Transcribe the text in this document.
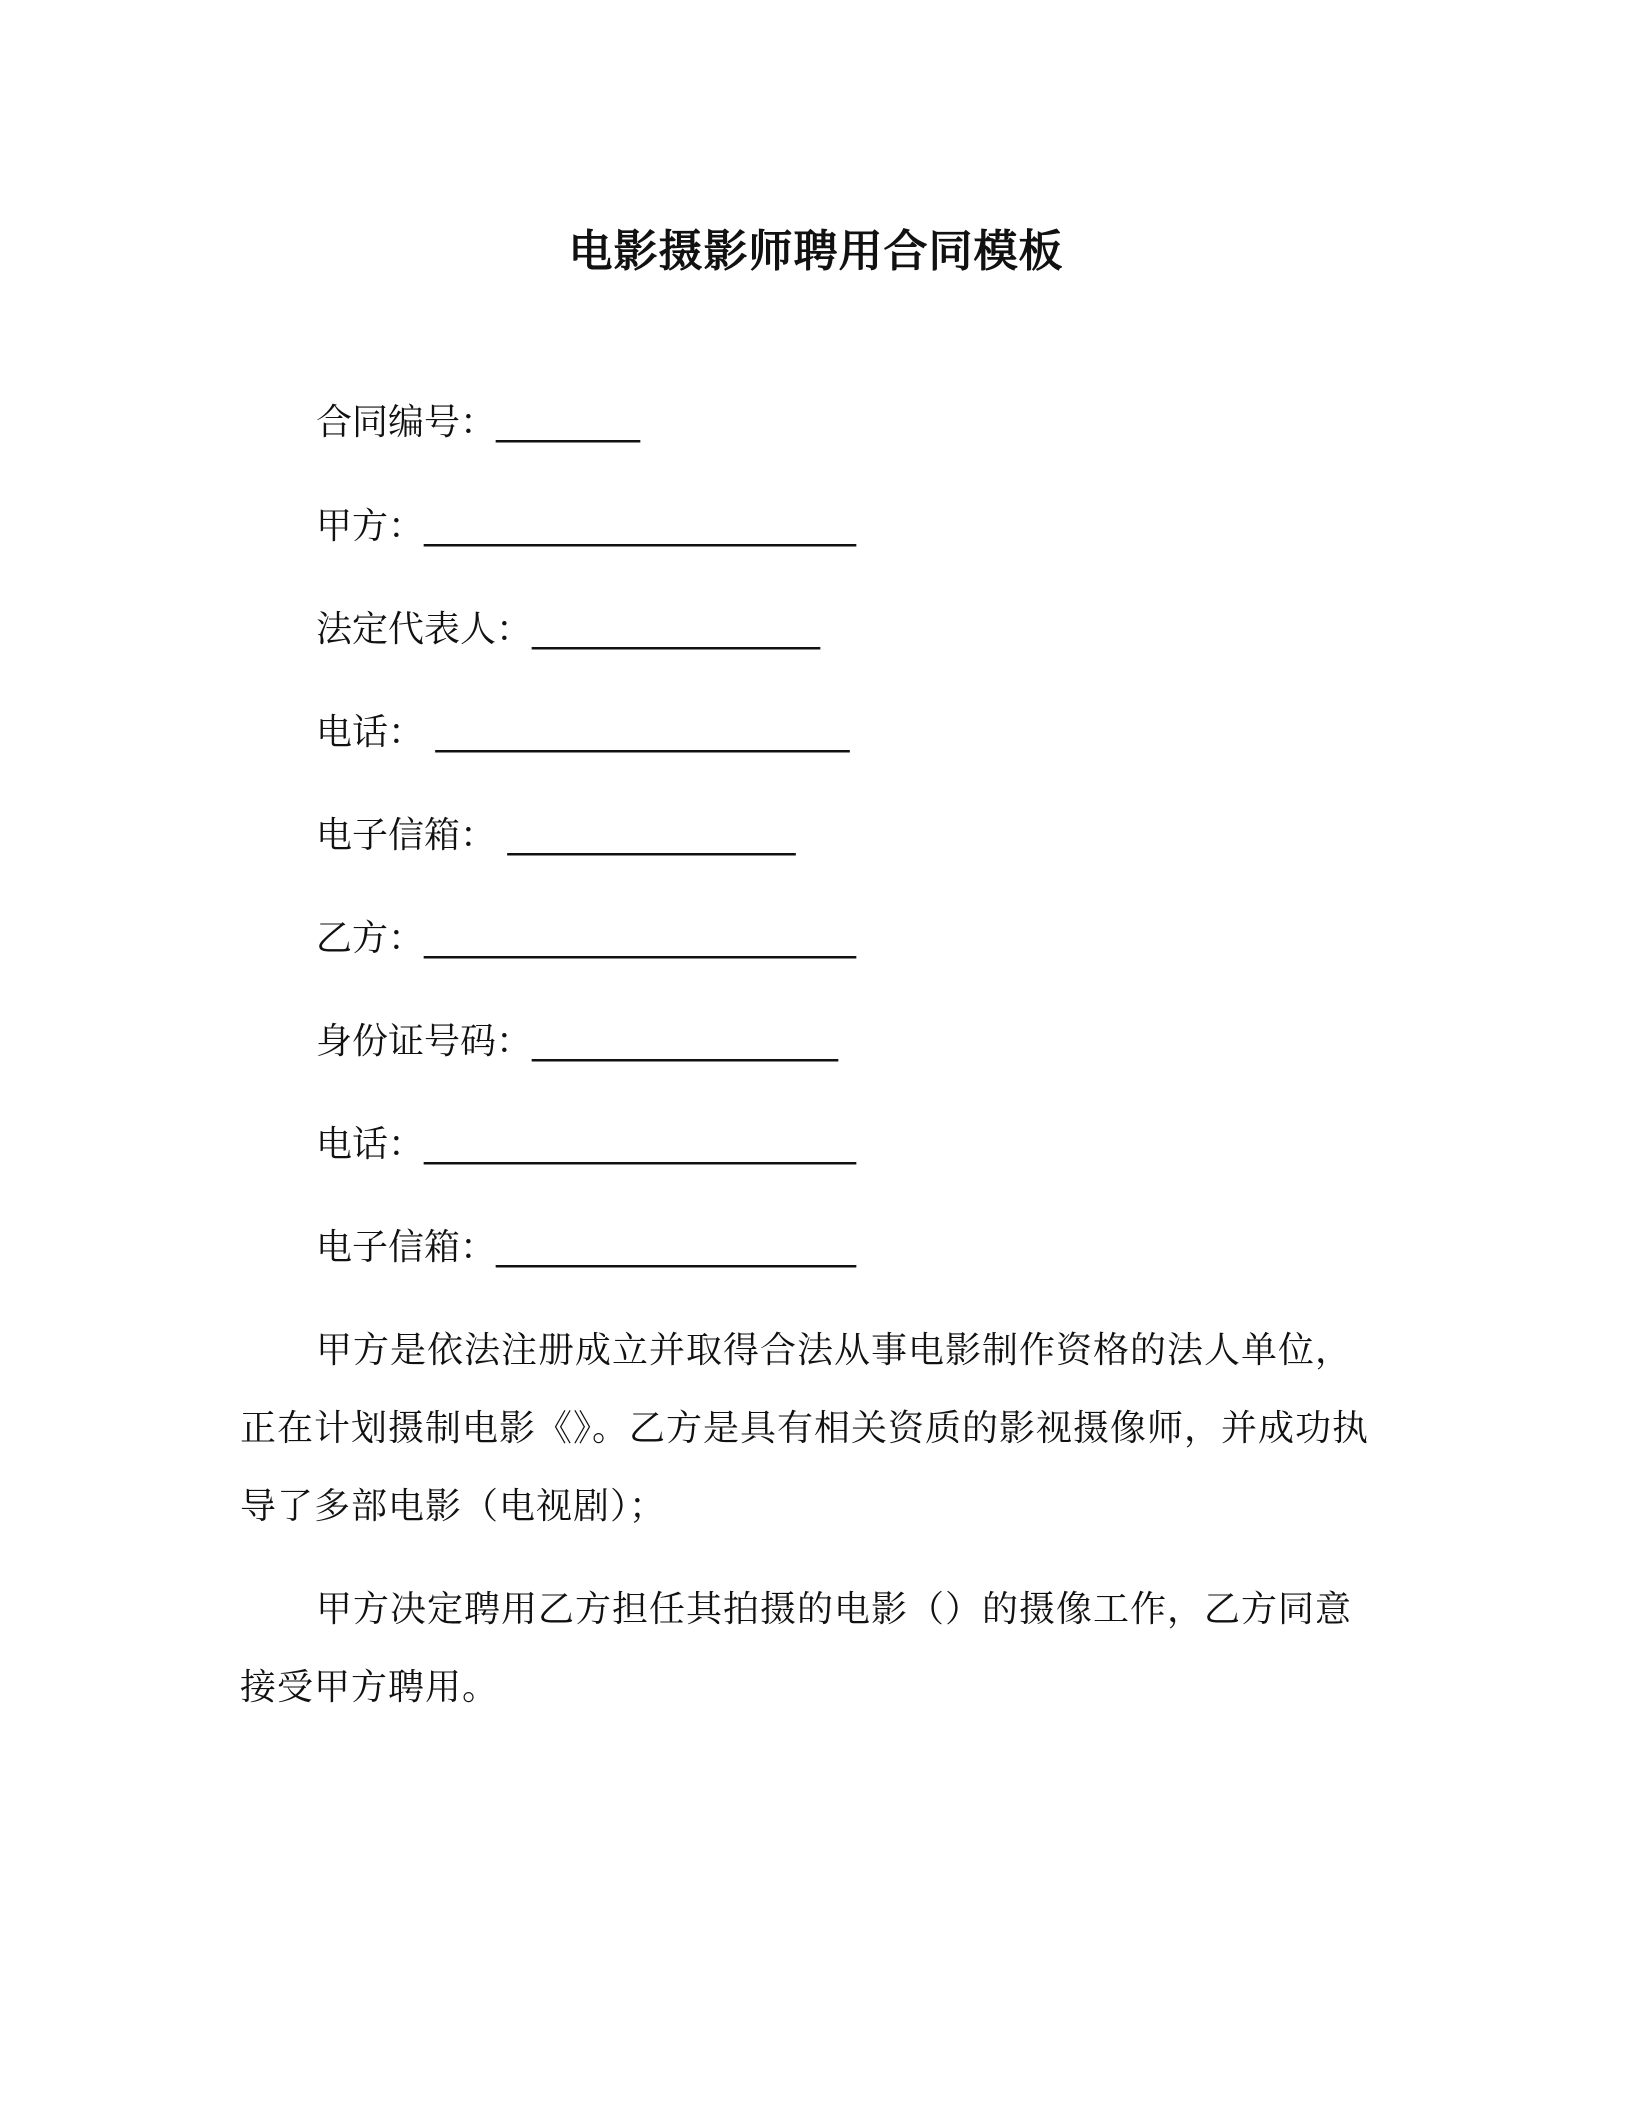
电影摄影师聘用合同模板
合同编号：________
甲方：________________________
法定代表人：________________
电话： _______________________
电子信箱： ________________
乙方：________________________
身份证号码：_________________
电话：________________________
电子信箱：____________________
甲方是依法注册成立并取得合法从事电影制作资格的法人单位，正在计划摄制电影《》。乙方是具有相关资质的影视摄像师，并成功执导了多部电影（电视剧）；
甲方决定聘用乙方担任其拍摄的电影（）的摄像工作，乙方同意接受甲方聘用。
